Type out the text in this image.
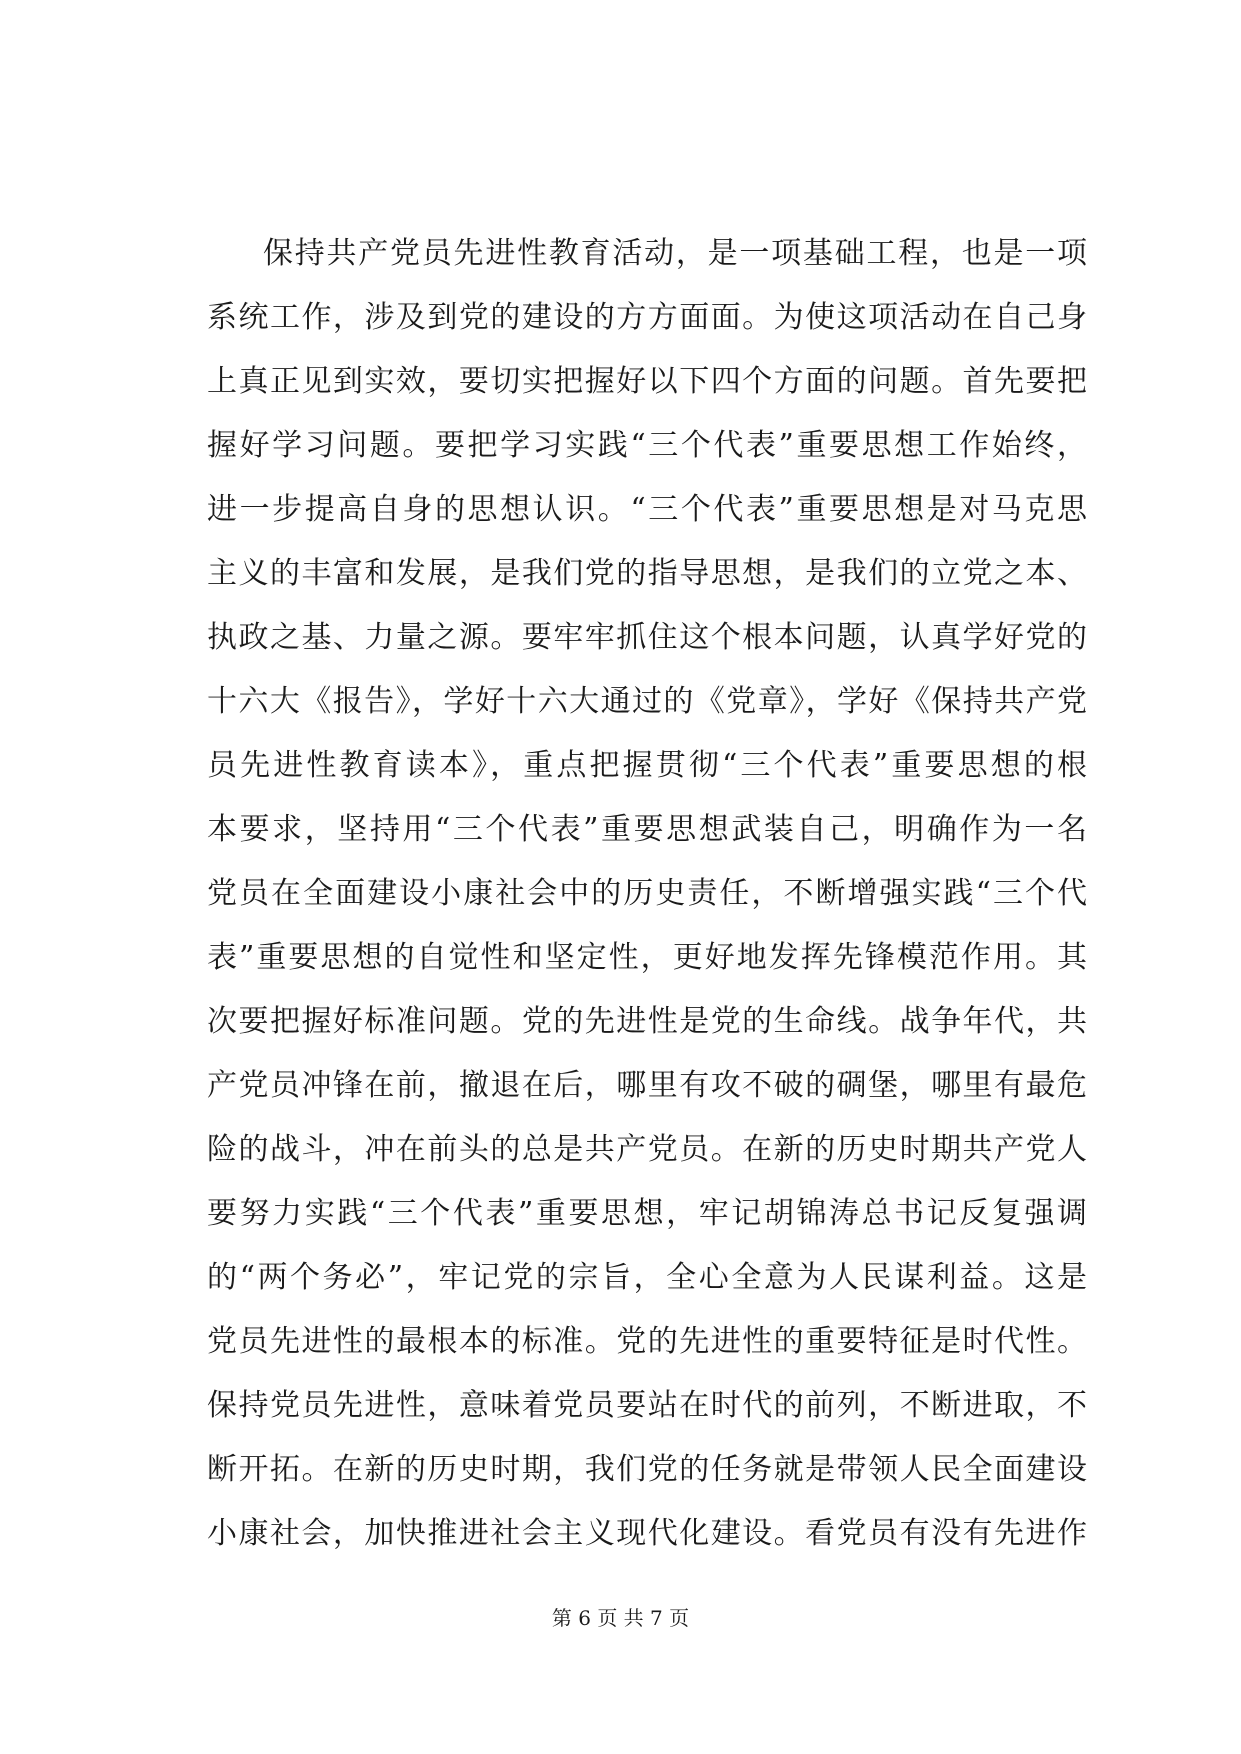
保持共产党员先进性教育活动，是一项基础工程，也是一项
系统工作，涉及到党的建设的方方面面。为使这项活动在自己身
上真正见到实效，要切实把握好以下四个方面的问题。首先要把
握好学习问题。要把学习实践“三个代表”重要思想工作始终，
进一步提高自身的思想认识。“三个代表”重要思想是对马克思
主义的丰富和发展，是我们党的指导思想，是我们的立党之本、
执政之基、力量之源。要牢牢抓住这个根本问题，认真学好党的
十六大《报告》，学好十六大通过的《党章》，学好《保持共产党
员先进性教育读本》，重点把握贯彻“三个代表”重要思想的根
本要求，坚持用“三个代表”重要思想武装自己，明确作为一名
党员在全面建设小康社会中的历史责任，不断增强实践“三个代
表”重要思想的自觉性和坚定性，更好地发挥先锋模范作用。其
次要把握好标准问题。党的先进性是党的生命线。战争年代，共
产党员冲锋在前，撤退在后，哪里有攻不破的碉堡，哪里有最危
险的战斗，冲在前头的总是共产党员。在新的历史时期共产党人
要努力实践“三个代表”重要思想，牢记胡锦涛总书记反复强调
的“两个务必”，牢记党的宗旨，全心全意为人民谋利益。这是
党员先进性的最根本的标准。党的先进性的重要特征是时代性。
保持党员先进性，意味着党员要站在时代的前列，不断进取，不
断开拓。在新的历史时期，我们党的任务就是带领人民全面建设
小康社会，加快推进社会主义现代化建设。看党员有没有先进作
第 6 页 共 7 页
